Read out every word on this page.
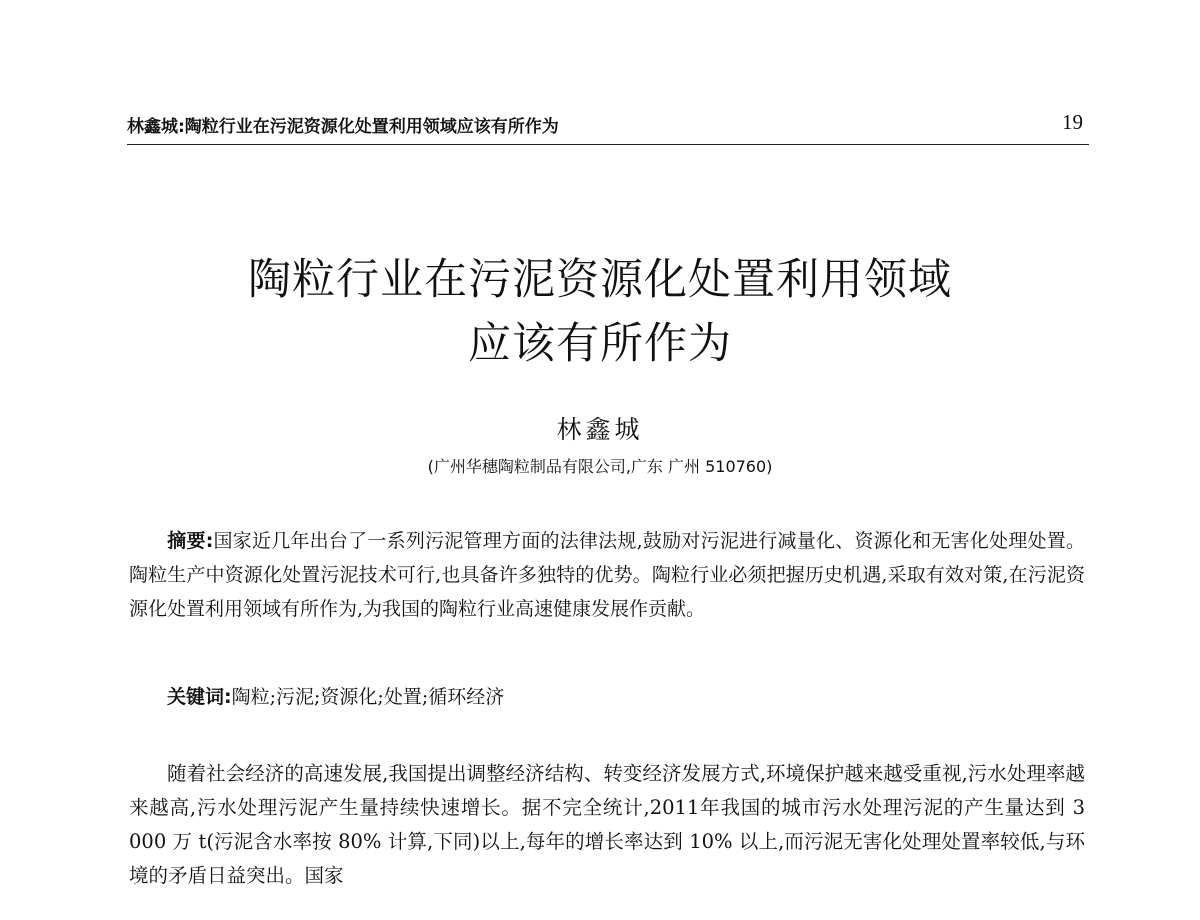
林鑫城:陶粒行业在污泥资源化处置利用领域应该有所作为	19
陶粒行业在污泥资源化处置利用领域
应该有所作为
林鑫城
(广州华穗陶粒制品有限公司,广东 广州 510760)
摘要:国家近几年出台了一系列污泥管理方面的法律法规,鼓励对污泥进行减量化、资源化和无害化处理处置。陶粒生产中资源化处置污泥技术可行,也具备许多独特的优势。陶粒行业必须把握历史机遇,采取有效对策,在污泥资源化处置利用领域有所作为,为我国的陶粒行业高速健康发展作贡献。
关键词:陶粒;污泥;资源化;处置;循环经济
随着社会经济的高速发展,我国提出调整经济结构、转变经济发展方式,环境保护越来越受重视,污水处理率越来越高,污水处理污泥产生量持续快速增长。据不完全统计,2011年我国的城市污水处理污泥的产生量达到 3 000 万 t(污泥含水率按 80% 计算,下同)以上,每年的增长率达到 10% 以上,而污泥无害化处理处置率较低,与环境的矛盾日益突出。国家
